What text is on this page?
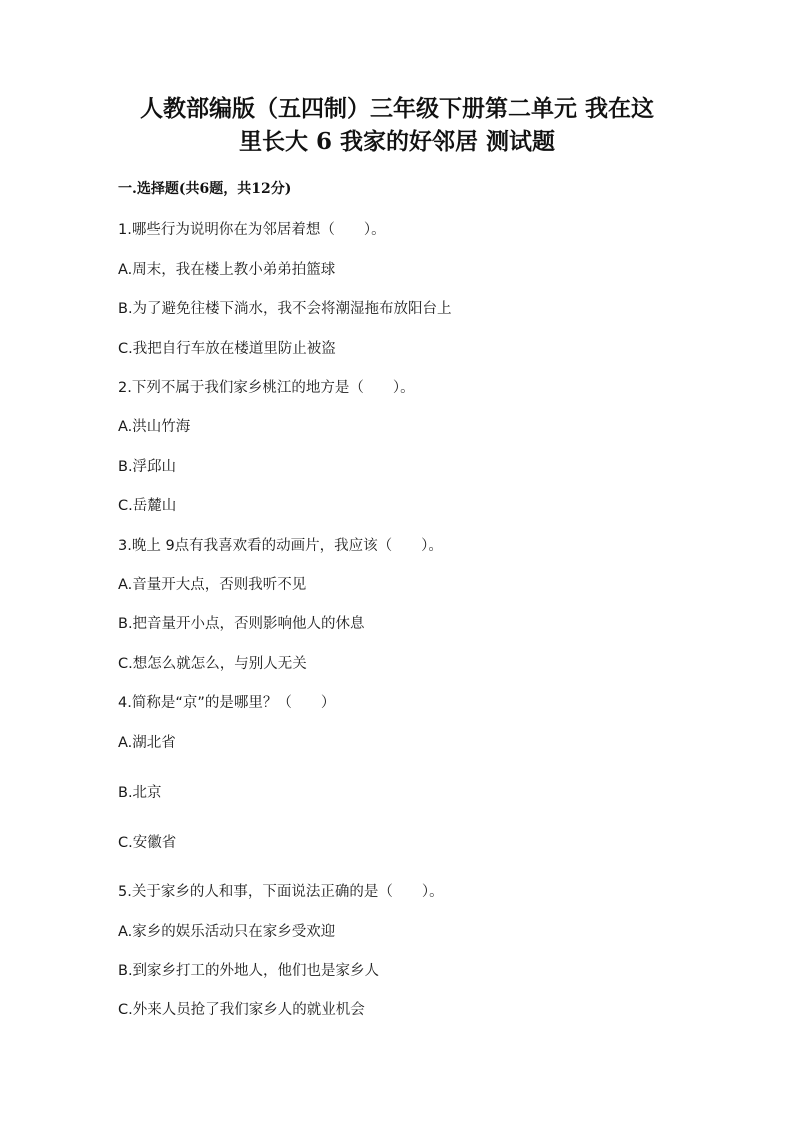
人教部编版（五四制）三年级下册第二单元 我在这
里长大 6 我家的好邻居 测试题
一.选择题(共6题，共12分)
1.哪些行为说明你在为邻居着想（　　）。
A.周末，我在楼上教小弟弟拍篮球
B.为了避免往楼下淌水，我不会将潮湿拖布放阳台上
C.我把自行车放在楼道里防止被盗
2.下列不属于我们家乡桃江的地方是（　　）。
A.洪山竹海
B.浮邱山
C.岳麓山
3.晚上 9点有我喜欢看的动画片，我应该（　　）。
A.音量开大点，否则我听不见
B.把音量开小点，否则影响他人的休息
C.想怎么就怎么，与别人无关
4.简称是“京”的是哪里？（　　）
A.湖北省
B.北京
C.安徽省
5.关于家乡的人和事，下面说法正确的是（　　）。
A.家乡的娱乐活动只在家乡受欢迎
B.到家乡打工的外地人，他们也是家乡人
C.外来人员抢了我们家乡人的就业机会
